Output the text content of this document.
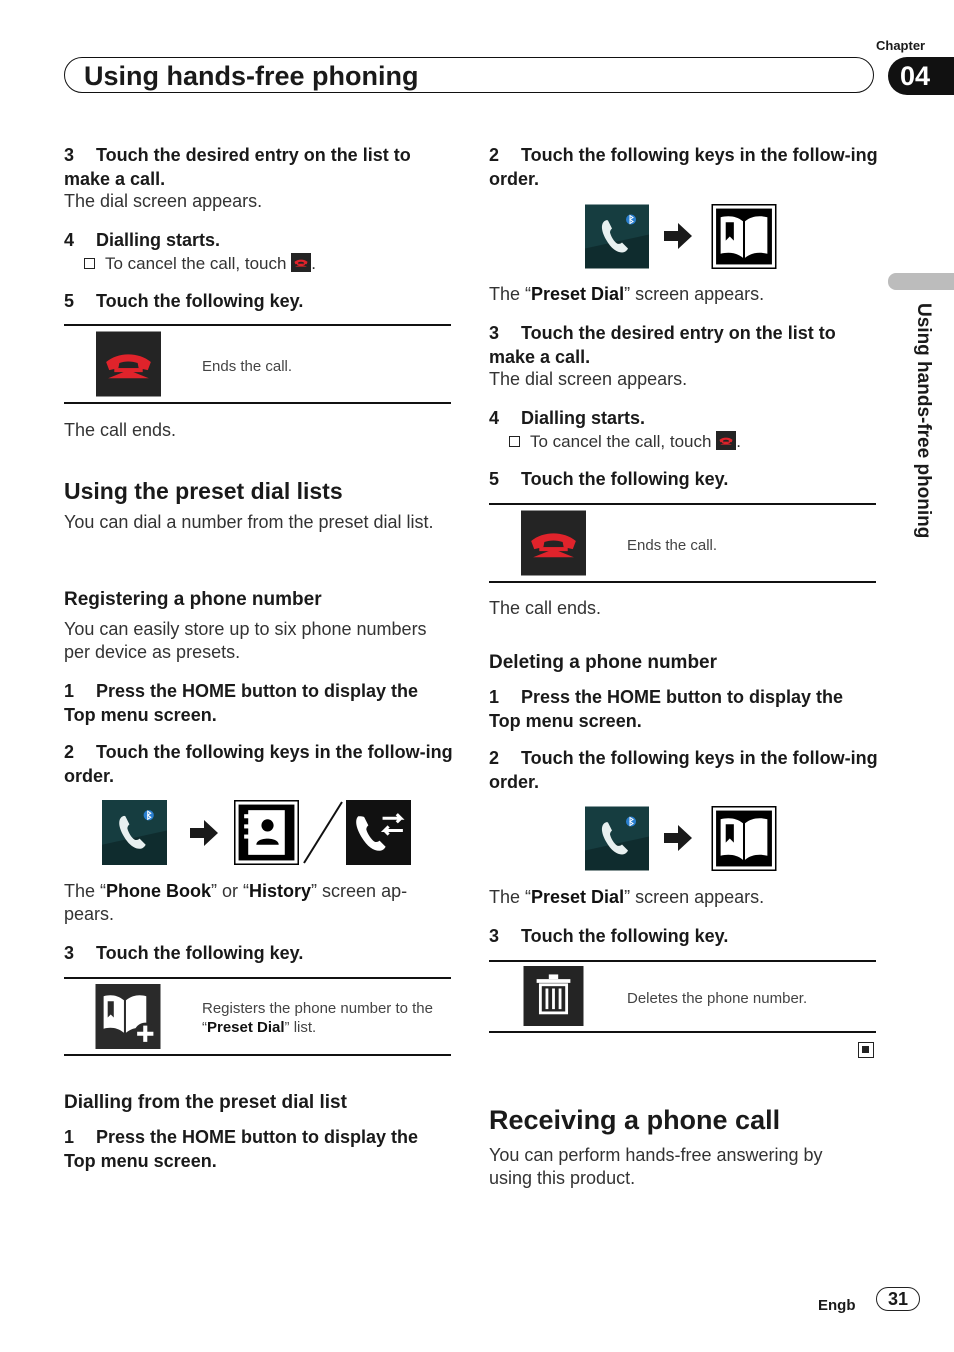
Chapter
04
Using hands-free phoning
Using hands-free phoning
3 Touch the desired entry on the list to make a call.
The dial screen appears.
4 Dialling starts.
To cancel the call, touch .
5 Touch the following key.
Ends the call.
The call ends.
Using the preset dial lists
You can dial a number from the preset dial list.
Registering a phone number
You can easily store up to six phone numbers per device as presets.
1 Press the HOME button to display the Top menu screen.
2 Touch the following keys in the follow-ing order.
The “Phone Book” or “History” screen ap-pears.
3 Touch the following key.
Registers the phone number to the “Preset Dial” list.
Dialling from the preset dial list
1 Press the HOME button to display the Top menu screen.
2 Touch the following keys in the follow-ing order.
The “Preset Dial” screen appears.
3 Touch the desired entry on the list to make a call.
The dial screen appears.
4 Dialling starts.
To cancel the call, touch .
5 Touch the following key.
Ends the call.
The call ends.
Deleting a phone number
1 Press the HOME button to display the Top menu screen.
2 Touch the following keys in the follow-ing order.
The “Preset Dial” screen appears.
3 Touch the following key.
Deletes the phone number.
Receiving a phone call
You can perform hands-free answering by using this product.
Engb	31
